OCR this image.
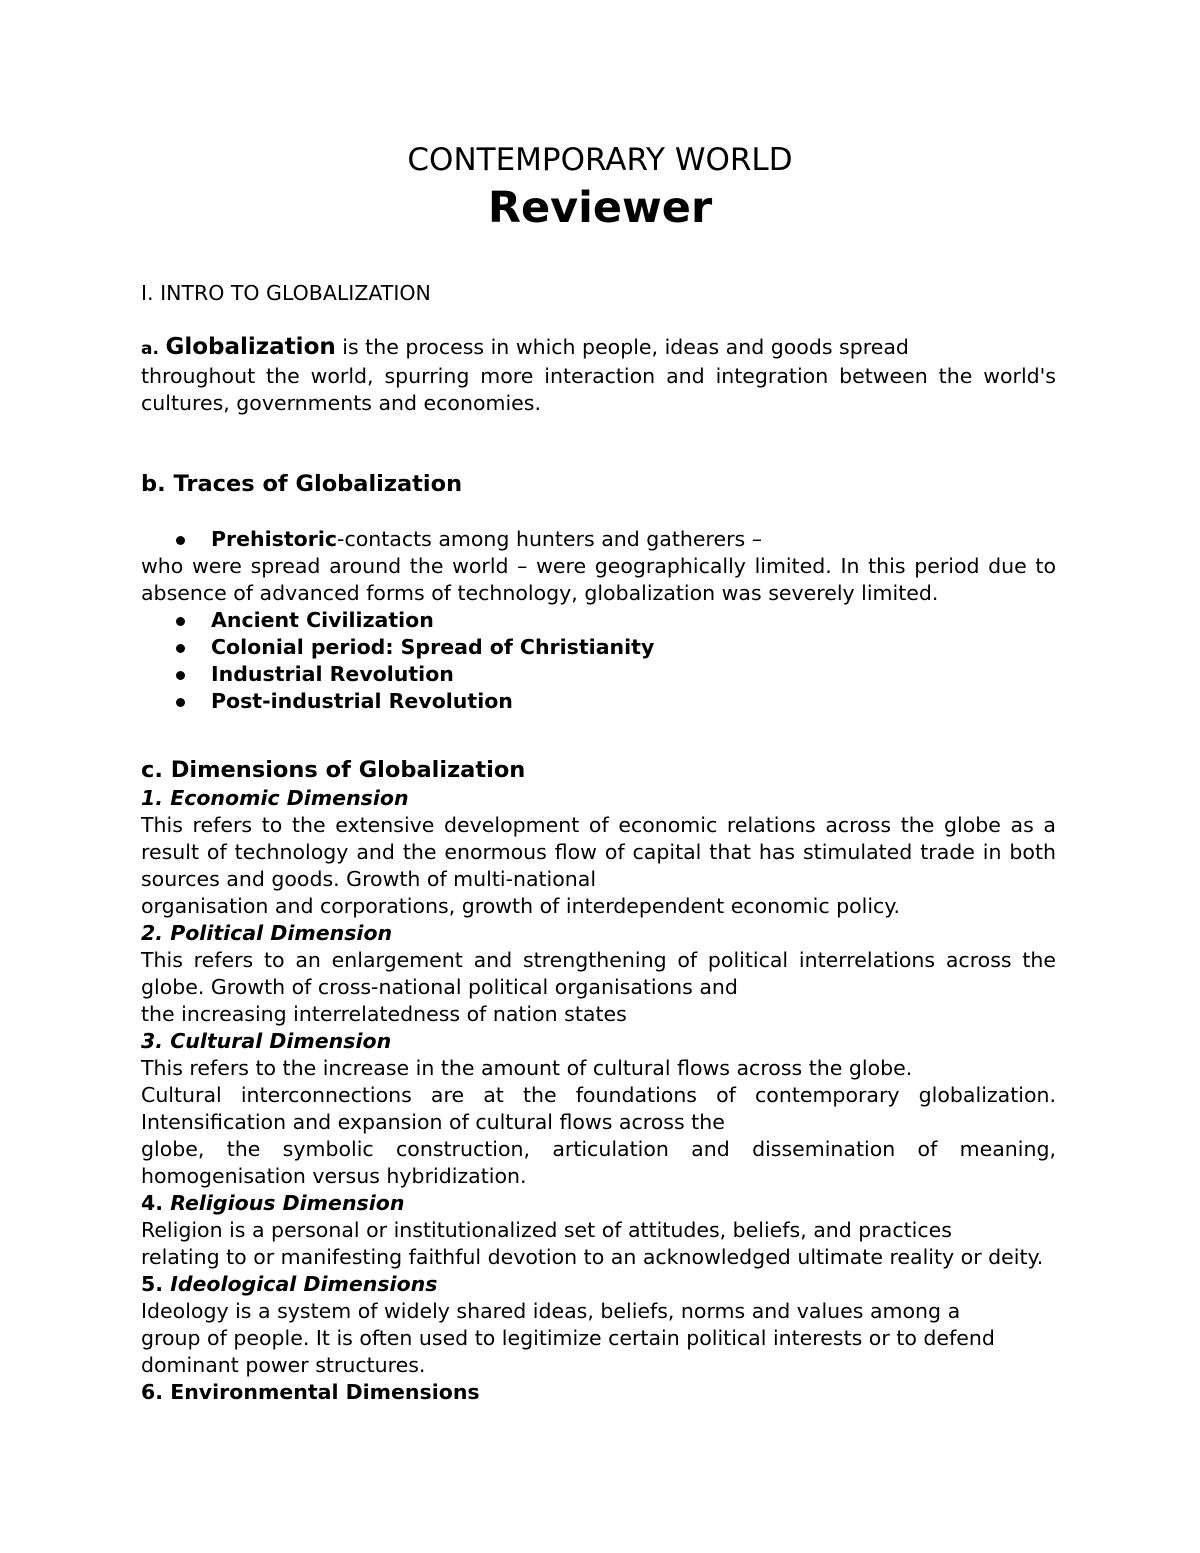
CONTEMPORARY WORLD
Reviewer

I. INTRO TO GLOBALIZATION

a. Globalization is the process in which people, ideas and goods spread

throughout the world, spurring more interaction and integration between the world's

cultures, governments and economies.

b. Traces of Globalization

Prehistoric-contacts among hunters and gatherers –

who were spread around the world – were geographically limited. In this period due to

absence of advanced forms of technology, globalization was severely limited.

Ancient Civilization
Colonial period: Spread of Christianity
Industrial Revolution
Post-industrial Revolution

c. Dimensions of Globalization

1. Economic Dimension

This refers to the extensive development of economic relations across the globe as a

result of technology and the enormous flow of capital that has stimulated trade in both

sources and goods. Growth of multi-national

organisation and corporations, growth of interdependent economic policy.

2. Political Dimension

This refers to an enlargement and strengthening of political interrelations across the

globe. Growth of cross-national political organisations and

the increasing interrelatedness of nation states

3. Cultural Dimension

This refers to the increase in the amount of cultural flows across the globe.

Cultural interconnections are at the foundations of contemporary globalization.

Intensification and expansion of cultural flows across the

globe, the symbolic construction, articulation and dissemination of meaning,

homogenisation versus hybridization.

4. Religious Dimension

Religion is a personal or institutionalized set of attitudes, beliefs, and practices

relating to or manifesting faithful devotion to an acknowledged ultimate reality or deity.

5. Ideological Dimensions

Ideology is a system of widely shared ideas, beliefs, norms and values among a

group of people. It is often used to legitimize certain political interests or to defend

dominant power structures.

6. Environmental Dimensions
